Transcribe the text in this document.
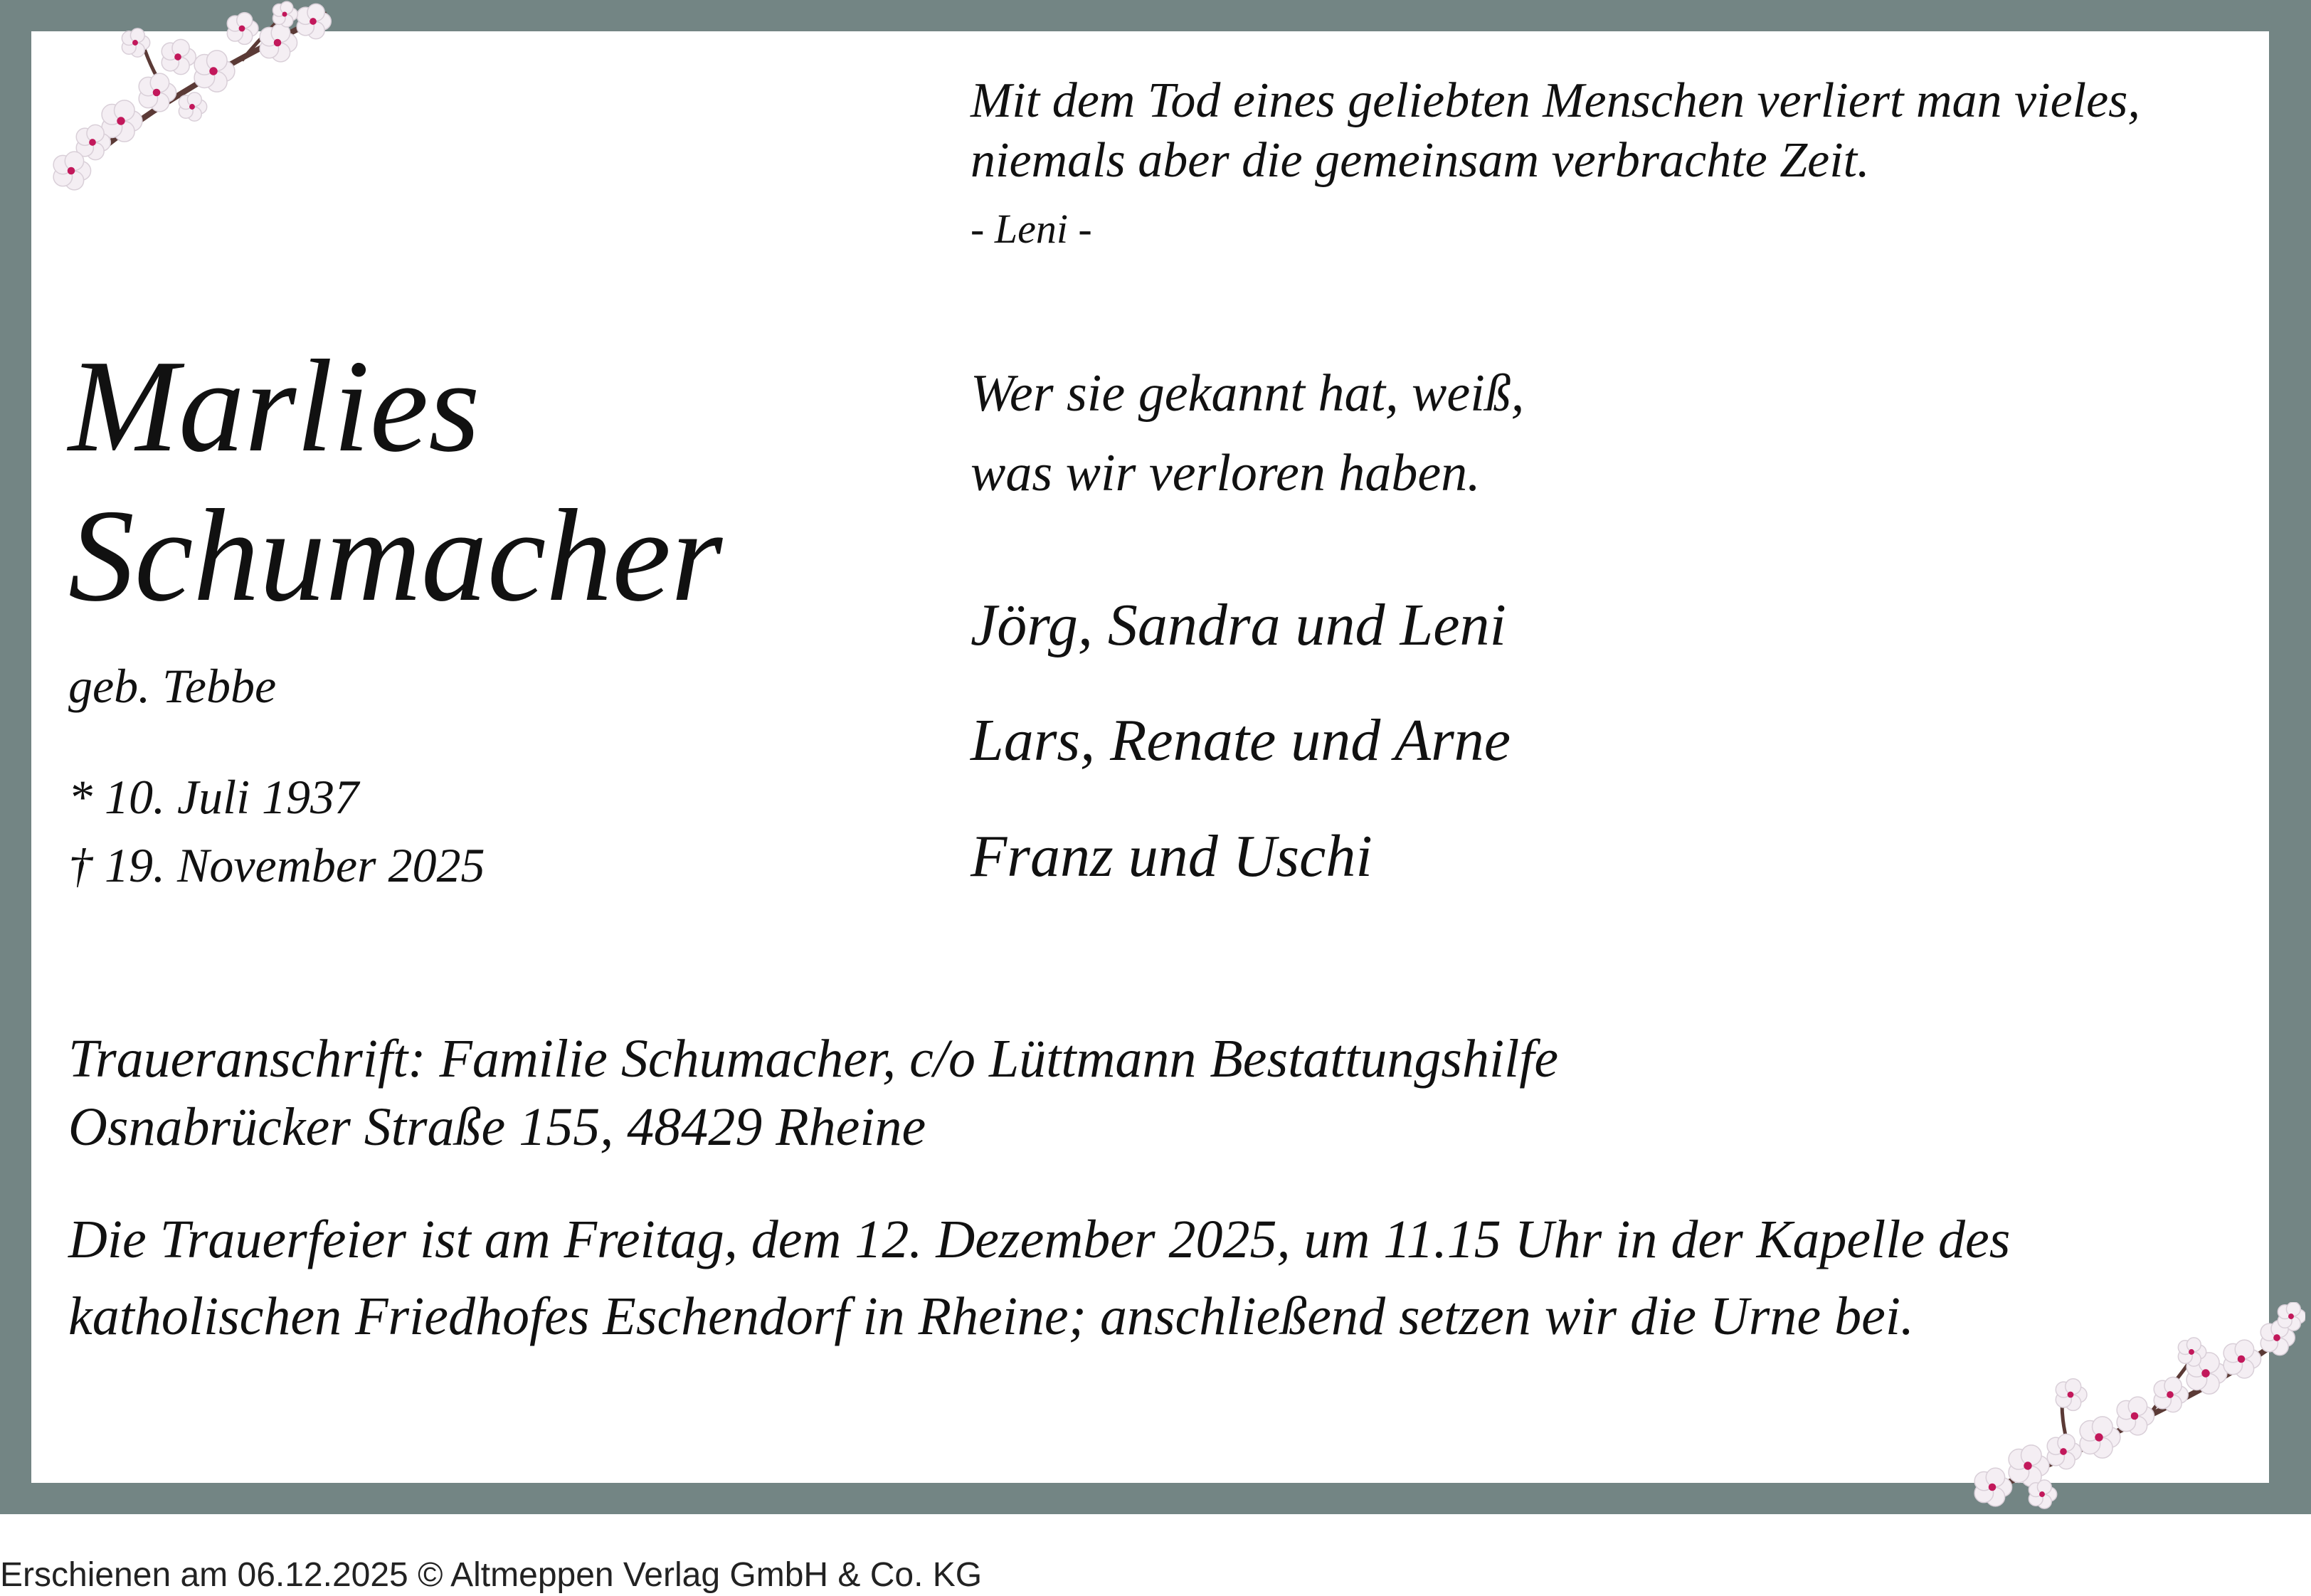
Mit dem Tod eines geliebten Menschen verliert man vieles,
niemals aber die gemeinsam verbrachte Zeit.

- Leni -

Marlies
Schumacher

geb. Tebbe

* 10. Juli 1937
† 19. November 2025

Wer sie gekannt hat, weiß,
was wir verloren haben.

Jörg, Sandra und Leni

Lars, Renate und Arne

Franz und Uschi

Traueranschrift: Familie Schumacher, c/o Lüttmann Bestattungshilfe
Osnabrücker Straße 155, 48429 Rheine

Die Trauerfeier ist am Freitag, dem 12. Dezember 2025, um 11.15 Uhr in der Kapelle des
katholischen Friedhofes Eschendorf in Rheine; anschließend setzen wir die Urne bei.

Erschienen am 06.12.2025 © Altmeppen Verlag GmbH & Co. KG
